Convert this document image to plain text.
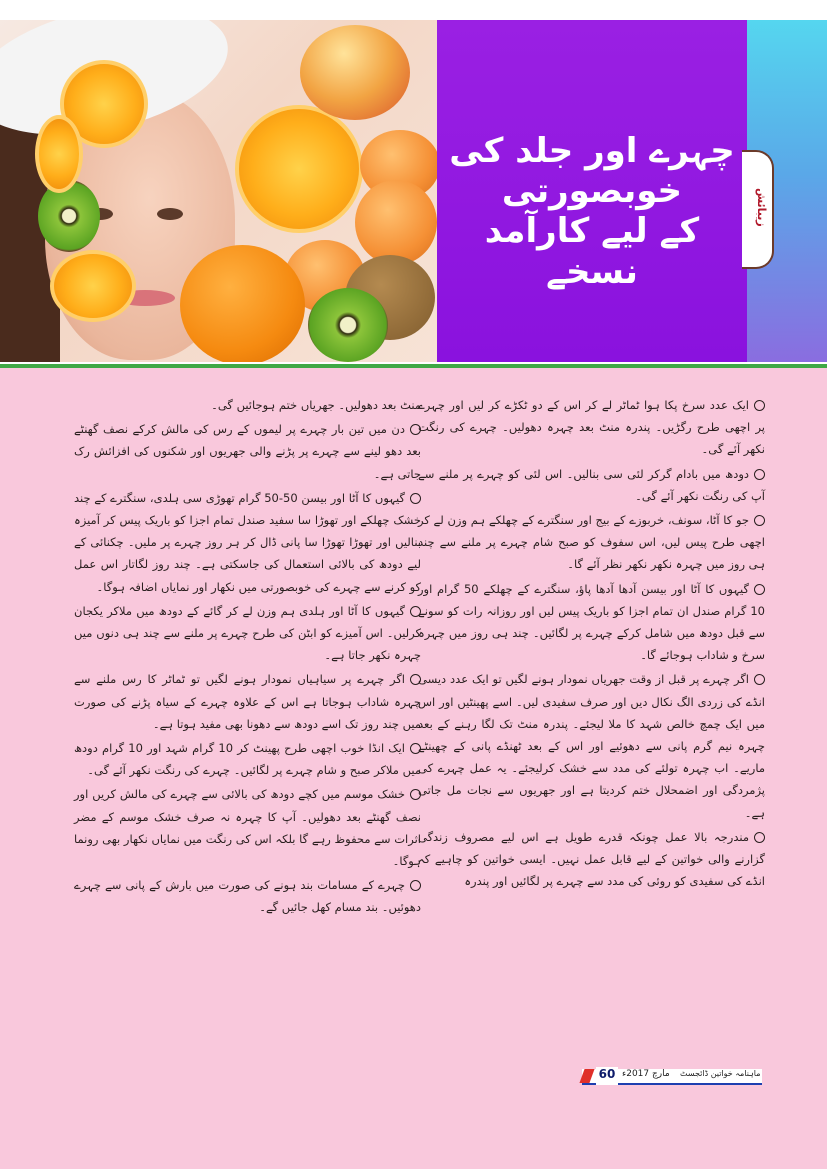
چہرے اور جلد کی خوبصورتی
کے لیے کارآمد نسخے
زیبائش

ایک عدد سرخ پکا ہوا ٹماٹر لے کر اس کے دو ٹکڑے کر لیں اور چہرے پر اچھی طرح رگڑیں۔ پندرہ منٹ بعد چہرہ دھولیں۔ چہرے کی رنگت نکھر آئے گی۔

دودھ میں بادام گرکر لئی سی بنالیں۔ اس لئی کو چہرے پر ملنے سے آپ کی رنگت نکھر آئے گی۔

جو کا آٹا، سونف، خربوزے کے بیج اور سنگترے کے چھلکے ہم وزن لے کر اچھی طرح پیس لیں، اس سفوف کو صبح شام چہرے پر ملنے سے چند ہی روز میں چہرہ نکھر نکھر نظر آئے گا۔

گیہوں کا آٹا اور بیسن آدھا آدھا پاؤ، سنگترے کے چھلکے 50 گرام اور 10 گرام صندل ان تمام اجزا کو باریک پیس لیں اور روزانہ رات کو سونے سے قبل دودھ میں شامل کرکے چہرے پر لگائیں۔ چند ہی روز میں چہرہ سرخ و شاداب ہوجائے گا۔

اگر چہرے پر قبل از وقت جھریاں نمودار ہونے لگیں تو ایک عدد دیسی انڈے کی زردی الگ نکال دیں اور صرف سفیدی لیں۔ اسے پھینٹیں اور اس میں ایک چمچ خالص شہد کا ملا لیجئے۔ پندرہ منٹ تک لگا رہنے کے بعد چہرہ نیم گرم پانی سے دھوئیے اور اس کے بعد ٹھنڈے پانی کے چھینٹے ماریے۔ اب چہرہ تولئے کی مدد سے خشک کرلیجئے۔ یہ عمل چہرے کی پژمردگی اور اضمحلال ختم کردیتا ہے اور جھریوں سے نجات مل جاتی ہے۔

مندرجہ بالا عمل چونکہ قدرے طویل ہے اس لیے مصروف زندگی گزارنے والی خواتین کے لیے قابل عمل نہیں۔ ایسی خواتین کو چاہیے کہ انڈے کی سفیدی کو روئی کی مدد سے چہرے پر لگائیں اور پندرہ

منٹ بعد دھولیں۔ جھریاں ختم ہوجائیں گی۔

دن میں تین بار چہرے پر لیموں کے رس کی مالش کرکے نصف گھنٹے بعد دھو لینے سے چہرے پر پڑنے والی جھریوں اور شکنوں کی افزائش رک جاتی ہے۔

گیہوں کا آٹا اور بیسن 50-50 گرام تھوڑی سی ہلدی، سنگترے کے چند خشک چھلکے اور تھوڑا سا سفید صندل تمام اجزا کو باریک پیس کر آمیزہ بنالیں اور تھوڑا تھوڑا سا پانی ڈال کر ہر روز چہرے پر ملیں۔ چکنائی کے لیے دودھ کی بالائی استعمال کی جاسکتی ہے۔ چند روز لگاتار اس عمل کو کرنے سے چہرے کی خوبصورتی میں نکھار اور نمایاں اضافہ ہوگا۔

گیہوں کا آٹا اور ہلدی ہم وزن لے کر گائے کے دودھ میں ملاکر یکجان کرلیں۔ اس آمیزے کو ابٹن کی طرح چہرے پر ملنے سے چند ہی دنوں میں چہرہ نکھر جاتا ہے۔

اگر چہرے پر سیاہیاں نمودار ہونے لگیں تو ٹماٹر کا رس ملنے سے چہرہ شاداب ہوجاتا ہے اس کے علاوہ چہرے کے سیاہ پڑنے کی صورت میں چند روز تک اسے دودھ سے دھونا بھی مفید ہوتا ہے۔

ایک انڈا خوب اچھی طرح پھینٹ کر 10 گرام شہد اور 10 گرام دودھ میں ملاکر صبح و شام چہرے پر لگائیں۔ چہرے کی رنگت نکھر آئے گی۔

خشک موسم میں کچے دودھ کی بالائی سے چہرے کی مالش کریں اور نصف گھنٹے بعد دھولیں۔ آپ کا چہرہ نہ صرف خشک موسم کے مضر اثرات سے محفوظ رہے گا بلکہ اس کی رنگت میں نمایاں نکھار بھی رونما ہوگا۔

چہرے کے مسامات بند ہونے کی صورت میں بارش کے پانی سے چہرے دھوئیں۔ بند مسام کھل جائیں گے۔

60 مارچ 2017ء ماہنامہ خواتین ڈائجسٹ
